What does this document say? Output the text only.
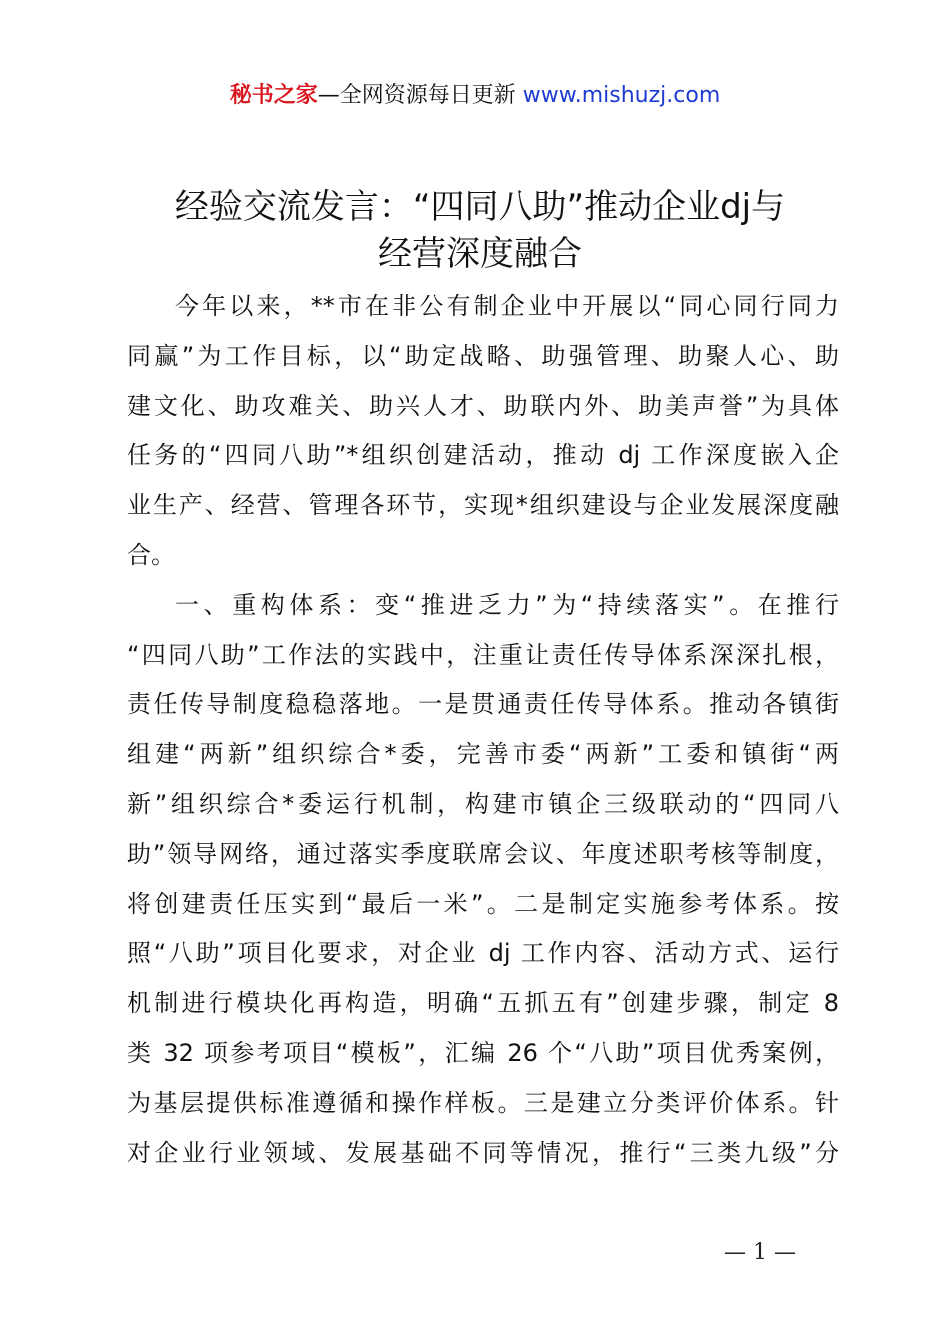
秘书之家—全网资源每日更新 www.mishuzj.com
经验交流发言：“四同八助”推动企业dj与
经营深度融合
今年以来，**市在非公有制企业中开展以“同心同行同力
同赢”为工作目标，以“助定战略、助强管理、助聚人心、助
建文化、助攻难关、助兴人才、助联内外、助美声誉”为具体
任务的“四同八助”*组织创建活动，推动 dj 工作深度嵌入企
业生产、经营、管理各环节，实现*组织建设与企业发展深度融
合。
一、重构体系：变“推进乏力”为“持续落实”。在推行
“四同八助”工作法的实践中，注重让责任传导体系深深扎根，
责任传导制度稳稳落地。一是贯通责任传导体系。推动各镇街
组建“两新”组织综合*委，完善市委“两新”工委和镇街“两
新”组织综合*委运行机制，构建市镇企三级联动的“四同八
助”领导网络，通过落实季度联席会议、年度述职考核等制度，
将创建责任压实到“最后一米”。二是制定实施参考体系。按
照“八助”项目化要求，对企业 dj 工作内容、活动方式、运行
机制进行模块化再构造，明确“五抓五有”创建步骤，制定 8
类 32 项参考项目“模板”，汇编 26 个“八助”项目优秀案例，
为基层提供标准遵循和操作样板。三是建立分类评价体系。针
对企业行业领域、发展基础不同等情况，推行“三类九级”分
— 1 —
